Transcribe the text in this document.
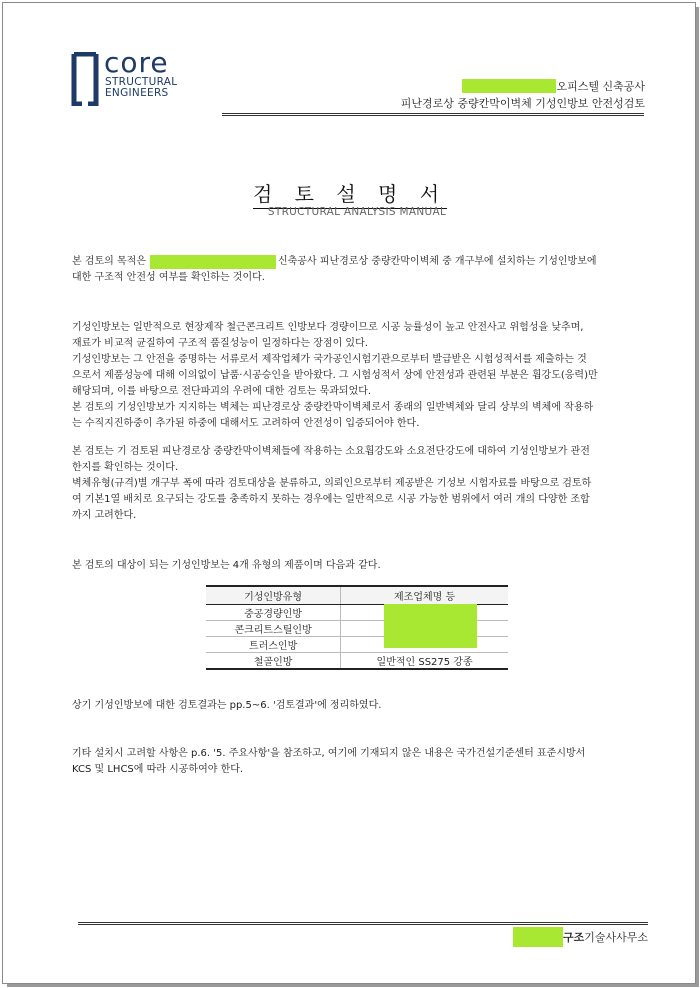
core
STRUCTURAL
ENGINEERS	오피스텔 신축공사
피난경로상 중량칸막이벽체 기성인방보 안전성검토
검 토 설 명 서
STRUCTURAL ANALYSIS MANUAL

본 검토의 목적은	신축공사 피난경로상 중량칸막이벽체 중 개구부에 설치하는 기성인방보에

대한 구조적 안전성 여부를 확인하는 것이다.

기성인방보는 일반적으로 현장제작 철근콘크리트 인방보다 경량이므로 시공 능률성이 높고 안전사고 위험성을 낮추며,

재료가 비교적 균질하여 구조적 품질성능이 일정하다는 장점이 있다.

기성인방보는 그 안전을 증명하는 서류로서 제작업체가 국가공인시험기관으로부터 발급받은 시험성적서를 제출하는 것

으로서 제품성능에 대해 이의없이 납품·시공승인을 받아왔다. 그 시험성적서 상에 안전성과 관련된 부분은 휨강도(응력)만

해당되며, 이를 바탕으로 전단파괴의 우려에 대한 검토는 묵과되었다.

본 검토의 기성인방보가 지지하는 벽체는 피난경로상 중량칸막이벽체로서 종래의 일반벽체와 달리 상부의 벽체에 작용하

는 수직지진하중이 추가된 하중에 대해서도 고려하여 안전성이 입증되어야 한다.

본 검토는 기 검토된 피난경로상 중량칸막이벽체들에 작용하는 소요휨강도와 소요전단강도에 대하여 기성인방보가 관전

한지를 확인하는 것이다.

벽체유형(규격)별 개구부 폭에 따라 검토대상을 분류하고, 의뢰인으로부터 제공받은 기성보 시험자료를 바탕으로 검토하

여 기본1열 배치로 요구되는 강도를 충족하지 못하는 경우에는 일반적으로 시공 가능한 범위에서 여러 개의 다양한 조합

까지 고려한다.

본 검토의 대상이 되는 기성인방보는 4개 유형의 제품이며 다음과 같다.
기성인방유형	제조업체명 등
중공경량인방	
콘크리트스틸인방	
트러스인방	
철골인방	일반적인 SS275 강종
상기 기성인방보에 대한 검토결과는 pp.5~6. '검토결과'에 정리하였다.

기타 설치시 고려할 사항은 p.6. '5. 주요사항'을 참조하고, 여기에 기재되지 않은 내용은 국가건설기준센터 표준시방서

KCS 및 LHCS에 따라 시공하여야 한다.

구조 기술사사무소
